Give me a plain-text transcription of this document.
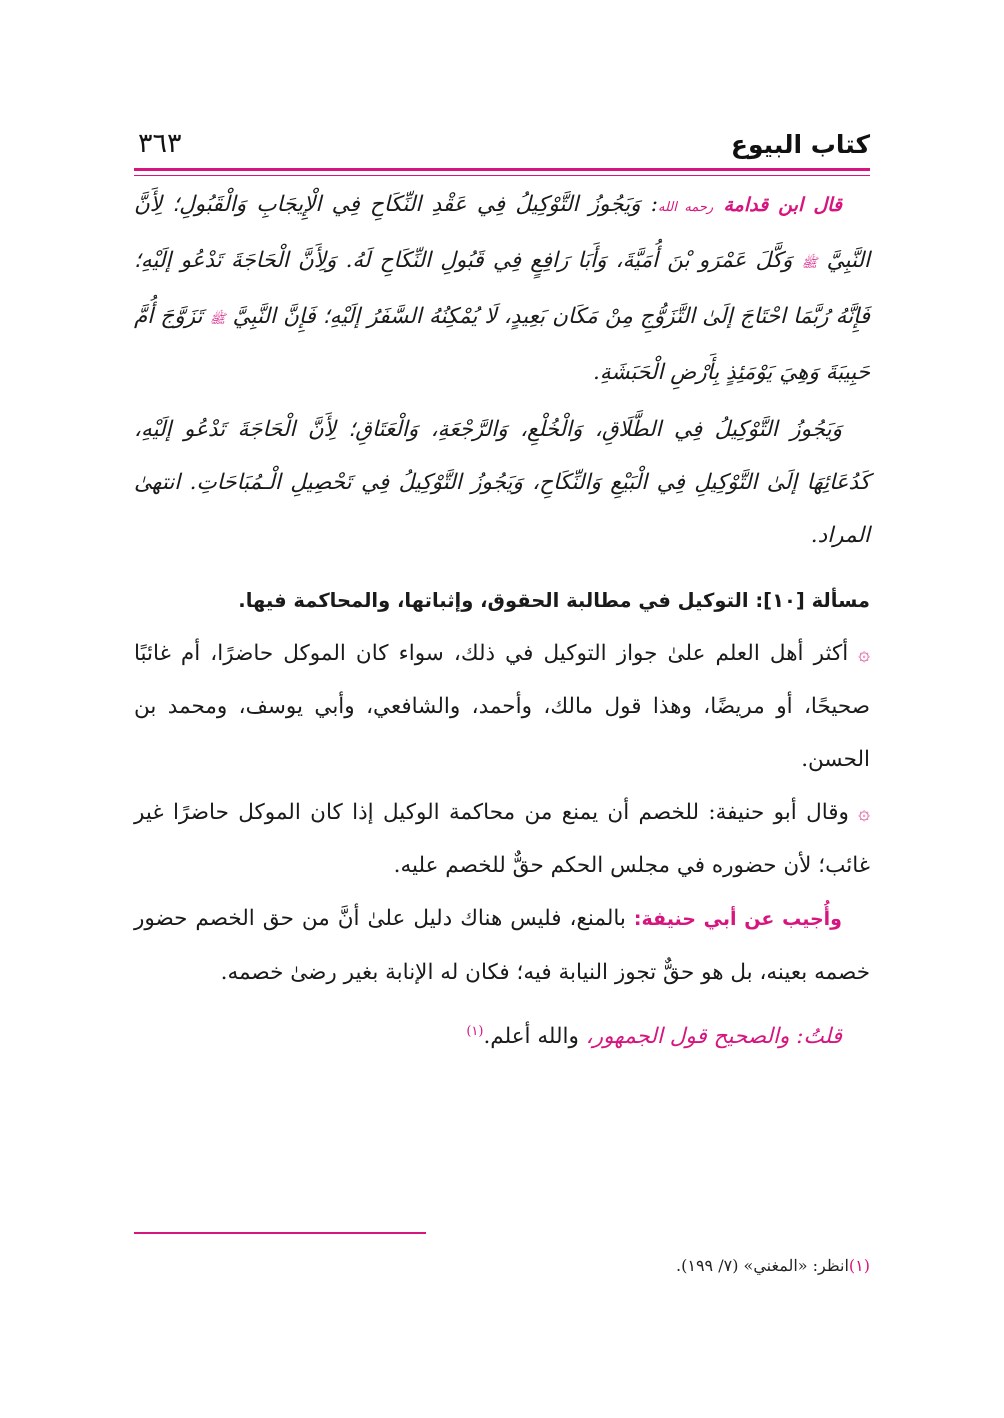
كتاب البيوع
٣٦٣

قال ابن قدامة رحمه الله: وَيَجُوزُ التَّوْكِيلُ فِي عَقْدِ النِّكَاحِ فِي الْإِيجَابِ وَالْقَبُولِ؛ لِأَنَّ النَّبِيَّ ﷺ وَكَّلَ عَمْرَو بْنَ أُمَيَّةَ، وَأَبَا رَافِعٍ فِي قَبُولِ النِّكَاحِ لَهُ. وَلِأَنَّ الْحَاجَةَ تَدْعُو إلَيْهِ؛ فَإِنَّهُ رُبَّمَا احْتَاجَ إلَىٰ التَّزَوُّجِ مِنْ مَكَان بَعِيدٍ، لَا يُمْكِنُهُ السَّفَرُ إلَيْهِ؛ فَإِنَّ النَّبِيَّ ﷺ تَزَوَّجَ أُمَّ حَبِيبَةَ وَهِيَ يَوْمَئِذٍ بِأَرْضِ الْحَبَشَةِ.

وَيَجُوزُ التَّوْكِيلُ فِي الطَّلَاقِ، وَالْخُلْعِ، وَالرَّجْعَةِ، وَالْعَتَاقِ؛ لِأَنَّ الْحَاجَةَ تَدْعُو إلَيْهِ، كَدُعَائِهَا إلَىٰ التَّوْكِيلِ فِي الْبَيْعِ وَالنِّكَاحِ، وَيَجُوزُ التَّوْكِيلُ فِي تَحْصِيلِ الْـمُبَاحَاتِ. انتهىٰ المراد.

مسألة [١٠]: التوكيل في مطالبة الحقوق، وإثباتها، والمحاكمة فيها.

۞ أكثر أهل العلم علىٰ جواز التوكيل في ذلك، سواء كان الموكل حاضرًا، أم غائبًا صحيحًا، أو مريضًا، وهذا قول مالك، وأحمد، والشافعي، وأبي يوسف، ومحمد بن الحسن.

۞ وقال أبو حنيفة: للخصم أن يمنع من محاكمة الوكيل إذا كان الموكل حاضرًا غير غائب؛ لأن حضوره في مجلس الحكم حقٌّ للخصم عليه.

وأُجيب عن أبي حنيفة: بالمنع، فليس هناك دليل علىٰ أنَّ من حق الخصم حضور خصمه بعينه، بل هو حقٌّ تجوز النيابة فيه؛ فكان له الإنابة بغير رضىٰ خصمه.

قلتُ: والصحيح قول الجمهور، والله أعلم.$^{(١)}$

(١)انظر: «المغني» (٧/ ١٩٩).
